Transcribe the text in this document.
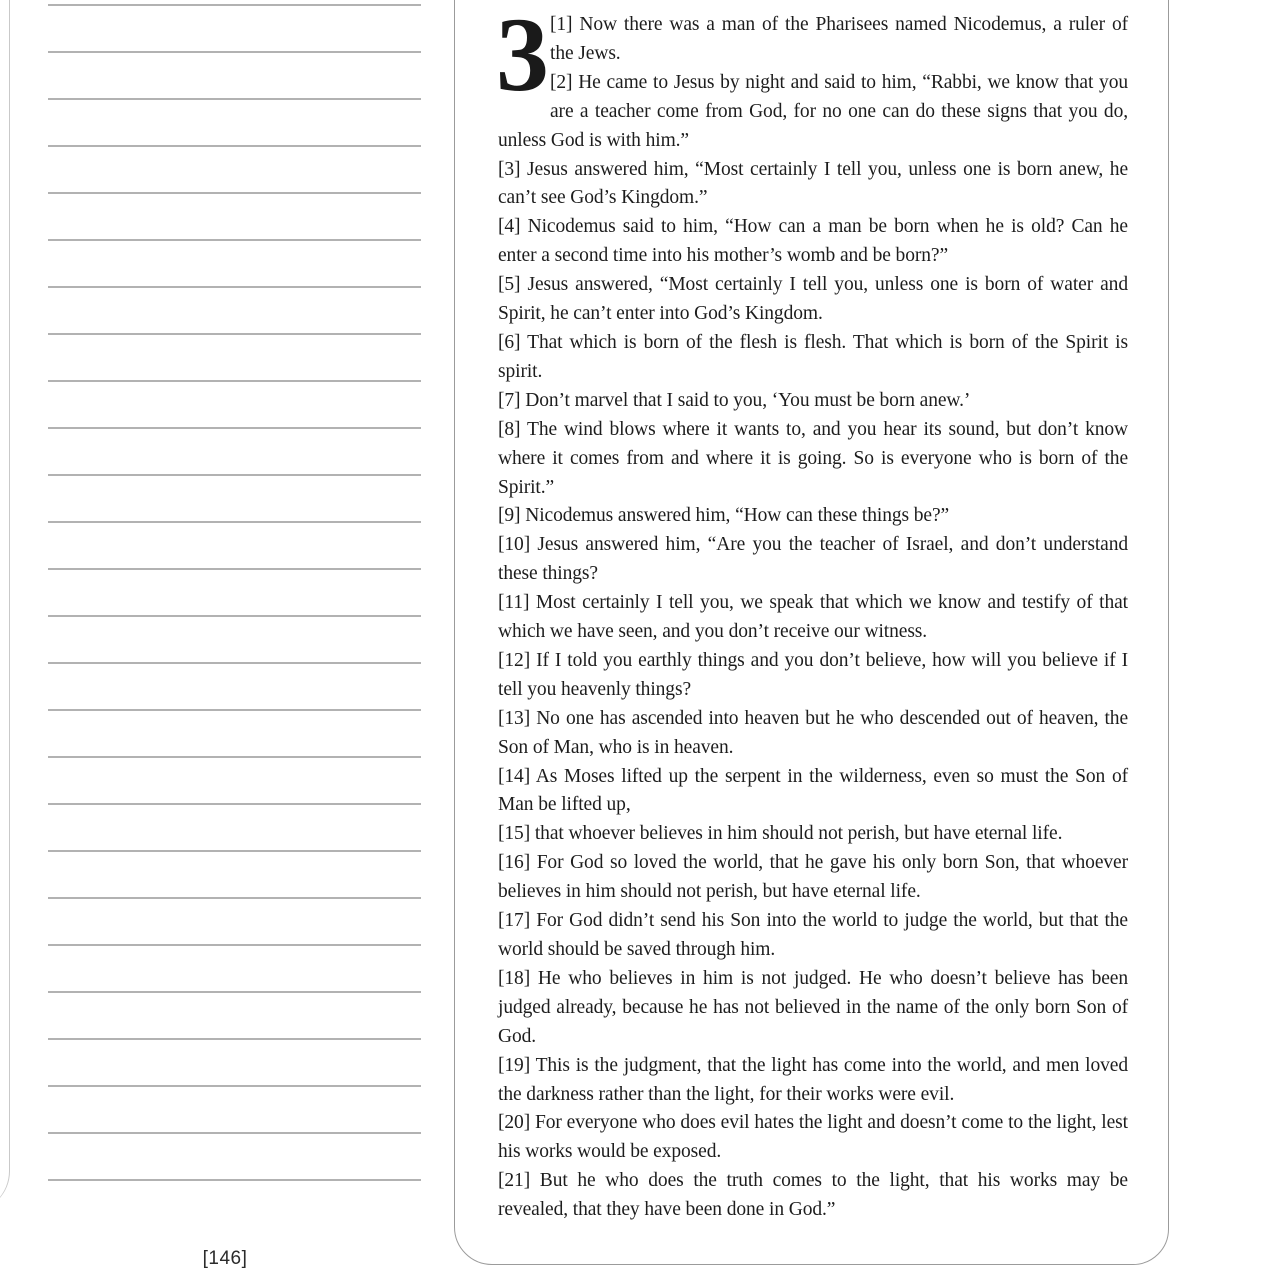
[146]
3 [1] Now there was a man of the Pharisees named Nicodemus, a ruler of the Jews.

[2] He came to Jesus by night and said to him, “Rabbi, we know that you are a teacher come from God, for no one can do these signs that you do, unless God is with him.”

[3] Jesus answered him, “Most certainly I tell you, unless one is born anew, he can’t see God’s Kingdom.”

[4] Nicodemus said to him, “How can a man be born when he is old? Can he enter a second time into his mother’s womb and be born?”

[5] Jesus answered, “Most certainly I tell you, unless one is born of water and Spirit, he can’t enter into God’s Kingdom.

[6] That which is born of the flesh is flesh. That which is born of the Spirit is spirit.

[7] Don’t marvel that I said to you, ‘You must be born anew.’

[8] The wind blows where it wants to, and you hear its sound, but don’t know where it comes from and where it is going. So is everyone who is born of the Spirit.”

[9] Nicodemus answered him, “How can these things be?”

[10] Jesus answered him, “Are you the teacher of Israel, and don’t understand these things?

[11] Most certainly I tell you, we speak that which we know and testify of that which we have seen, and you don’t receive our witness.

[12] If I told you earthly things and you don’t believe, how will you believe if I tell you heavenly things?

[13] No one has ascended into heaven but he who descended out of heaven, the Son of Man, who is in heaven.

[14] As Moses lifted up the serpent in the wilderness, even so must the Son of Man be lifted up,

[15] that whoever believes in him should not perish, but have eternal life.

[16] For God so loved the world, that he gave his only born Son, that whoever believes in him should not perish, but have eternal life.

[17] For God didn’t send his Son into the world to judge the world, but that the world should be saved through him.

[18] He who believes in him is not judged. He who doesn’t believe has been judged already, because he has not believed in the name of the only born Son of God.

[19] This is the judgment, that the light has come into the world, and men loved the darkness rather than the light, for their works were evil.

[20] For everyone who does evil hates the light and doesn’t come to the light, lest his works would be exposed.

[21] But he who does the truth comes to the light, that his works may be revealed, that they have been done in God.”
